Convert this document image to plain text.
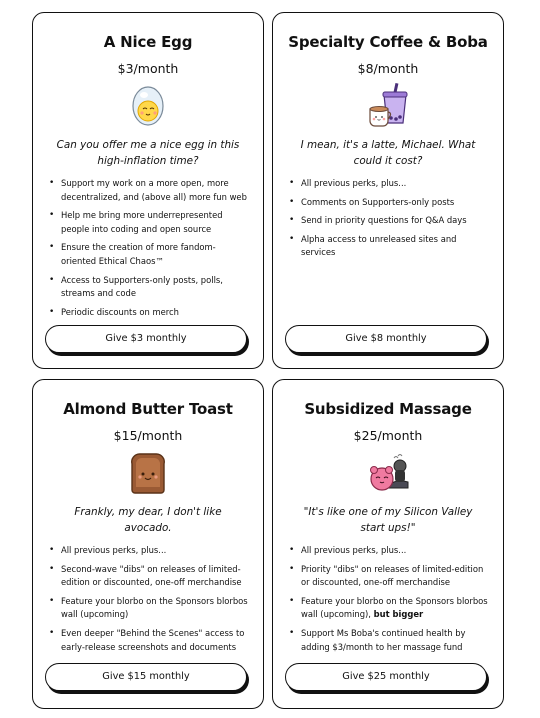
A Nice Egg
$3/month
Can you offer me a nice egg in this high-inflation time?
• Support my work on a more open, more decentralized, and (above all) more fun web
• Help me bring more underrepresented people into coding and open source
• Ensure the creation of more fandom-oriented Ethical Chaos™
• Access to Supporters-only posts, polls, streams and code
• Periodic discounts on merch
Give $3 monthly
Specialty Coffee & Boba
$8/month
I mean, it's a latte, Michael. What could it cost?
• All previous perks, plus...
• Comments on Supporters-only posts
• Send in priority questions for Q&A days
• Alpha access to unreleased sites and services
Give $8 monthly
Almond Butter Toast
$15/month
Frankly, my dear, I don't like avocado.
• All previous perks, plus...
• Second-wave "dibs" on releases of limited-edition or discounted, one-off merchandise
• Feature your blorbo on the Sponsors blorbos wall (upcoming)
• Even deeper "Behind the Scenes" access to early-release screenshots and documents
Give $15 monthly
Subsidized Massage
$25/month
"It's like one of my Silicon Valley start ups!"
• All previous perks, plus...
• Priority "dibs" on releases of limited-edition or discounted, one-off merchandise
• Feature your blorbo on the Sponsors blorbos wall (upcoming), but bigger
• Support Ms Boba's continued health by adding $3/month to her massage fund
Give $25 monthly
